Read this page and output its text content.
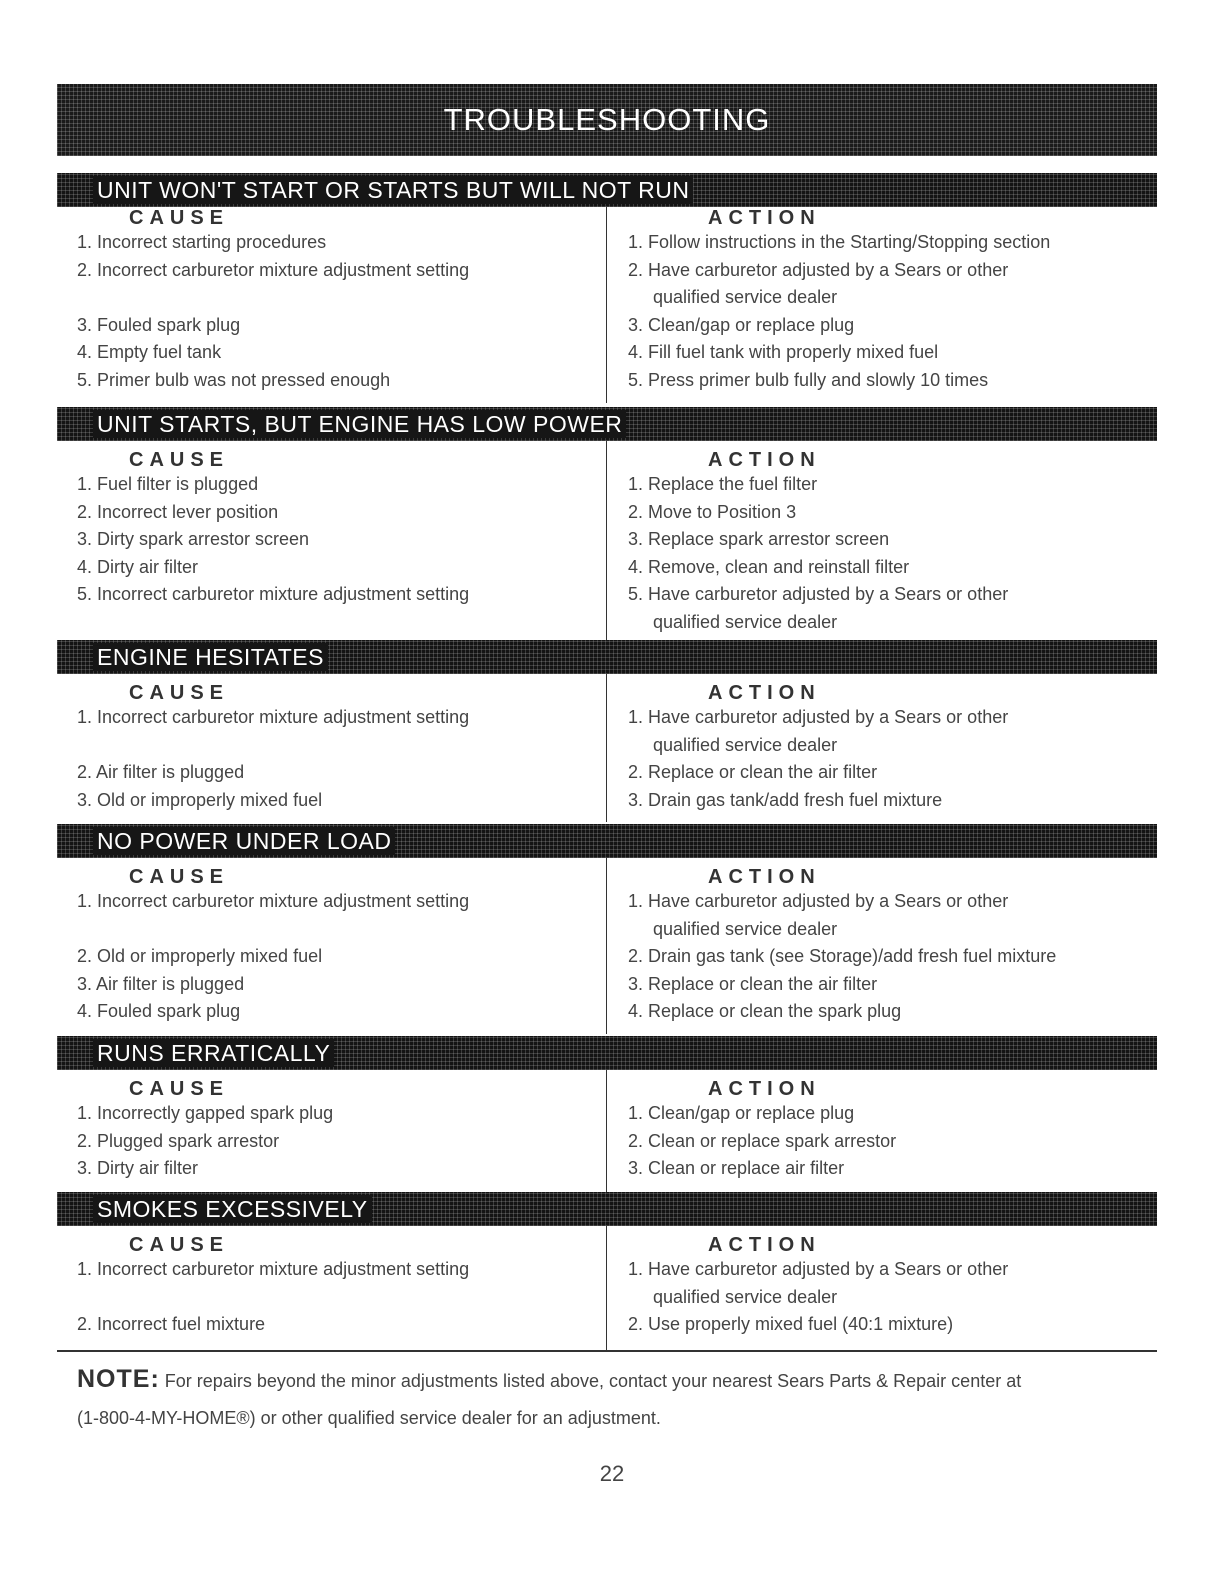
TROUBLESHOOTING
UNIT WON'T START OR STARTS BUT WILL NOT RUN
CAUSE
1. Incorrect starting procedures
2. Incorrect carburetor mixture adjustment setting

3. Fouled spark plug
4. Empty fuel tank
5. Primer bulb was not pressed enough
ACTION
1. Follow instructions in the Starting/Stopping section
2. Have carburetor adjusted by a Sears or other
qualified service dealer
3. Clean/gap or replace plug
4. Fill fuel tank with properly mixed fuel
5. Press primer bulb fully and slowly 10 times
UNIT STARTS, BUT ENGINE HAS LOW POWER
CAUSE
1. Fuel filter is plugged
2. Incorrect lever position
3. Dirty spark arrestor screen
4. Dirty air filter
5. Incorrect carburetor mixture adjustment setting
ACTION
1. Replace the fuel filter
2. Move to Position 3
3. Replace spark arrestor screen
4. Remove, clean and reinstall filter
5. Have carburetor adjusted by a Sears or other
qualified service dealer
ENGINE HESITATES
CAUSE
1. Incorrect carburetor mixture adjustment setting

2. Air filter is plugged
3. Old or improperly mixed fuel
ACTION
1. Have carburetor adjusted by a Sears or other
qualified service dealer
2. Replace or clean the air filter
3. Drain gas tank/add fresh fuel mixture
NO POWER UNDER LOAD
CAUSE
1. Incorrect carburetor mixture adjustment setting

2. Old or improperly mixed fuel
3. Air filter is plugged
4. Fouled spark plug
ACTION
1. Have carburetor adjusted by a Sears or other
qualified service dealer
2. Drain gas tank (see Storage)/add fresh fuel mixture
3. Replace or clean the air filter
4. Replace or clean the spark plug
RUNS ERRATICALLY
CAUSE
1. Incorrectly gapped spark plug
2. Plugged spark arrestor
3. Dirty air filter
ACTION
1. Clean/gap or replace plug
2. Clean or replace spark arrestor
3. Clean or replace air filter
SMOKES EXCESSIVELY
CAUSE
1. Incorrect carburetor mixture adjustment setting

2. Incorrect fuel mixture
ACTION
1. Have carburetor adjusted by a Sears or other
qualified service dealer
2. Use properly mixed fuel (40:1 mixture)
NOTE: For repairs beyond the minor adjustments listed above, contact your nearest Sears Parts & Repair center at
(1-800-4-MY-HOME®) or other qualified service dealer for an adjustment.
22
